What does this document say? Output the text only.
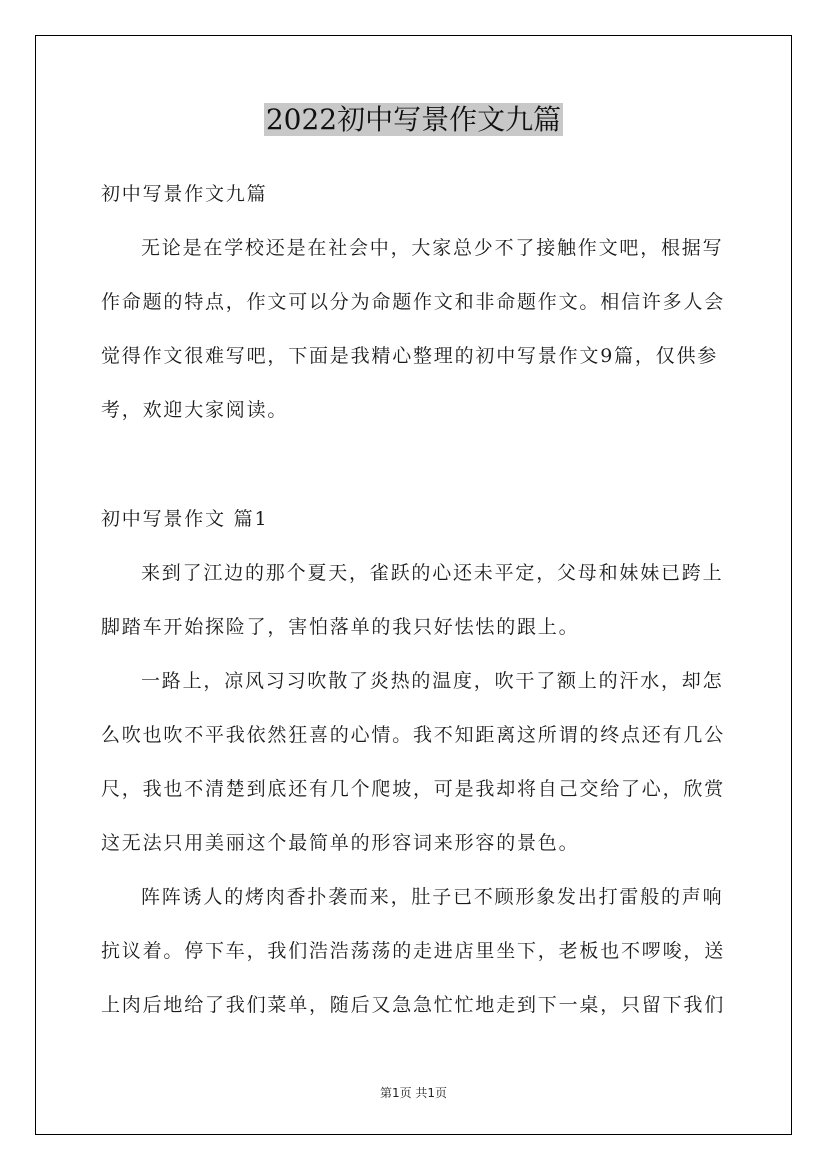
2022初中写景作文九篇
初中写景作文九篇
无论是在学校还是在社会中，大家总少不了接触作文吧，根据写
作命题的特点，作文可以分为命题作文和非命题作文。相信许多人会
觉得作文很难写吧，下面是我精心整理的初中写景作文9篇，仅供参
考，欢迎大家阅读。
初中写景作文 篇1
来到了江边的那个夏天，雀跃的心还未平定，父母和妹妹已跨上
脚踏车开始探险了，害怕落单的我只好怯怯的跟上。
一路上，凉风习习吹散了炎热的温度，吹干了额上的汗水，却怎
么吹也吹不平我依然狂喜的心情。我不知距离这所谓的终点还有几公
尺，我也不清楚到底还有几个爬坡，可是我却将自己交给了心，欣赏
这无法只用美丽这个最简单的形容词来形容的景色。
阵阵诱人的烤肉香扑袭而来，肚子已不顾形象发出打雷般的声响
抗议着。停下车，我们浩浩荡荡的走进店里坐下，老板也不啰唆，送
上肉后地给了我们菜单，随后又急急忙忙地走到下一桌，只留下我们
第1页 共1页
